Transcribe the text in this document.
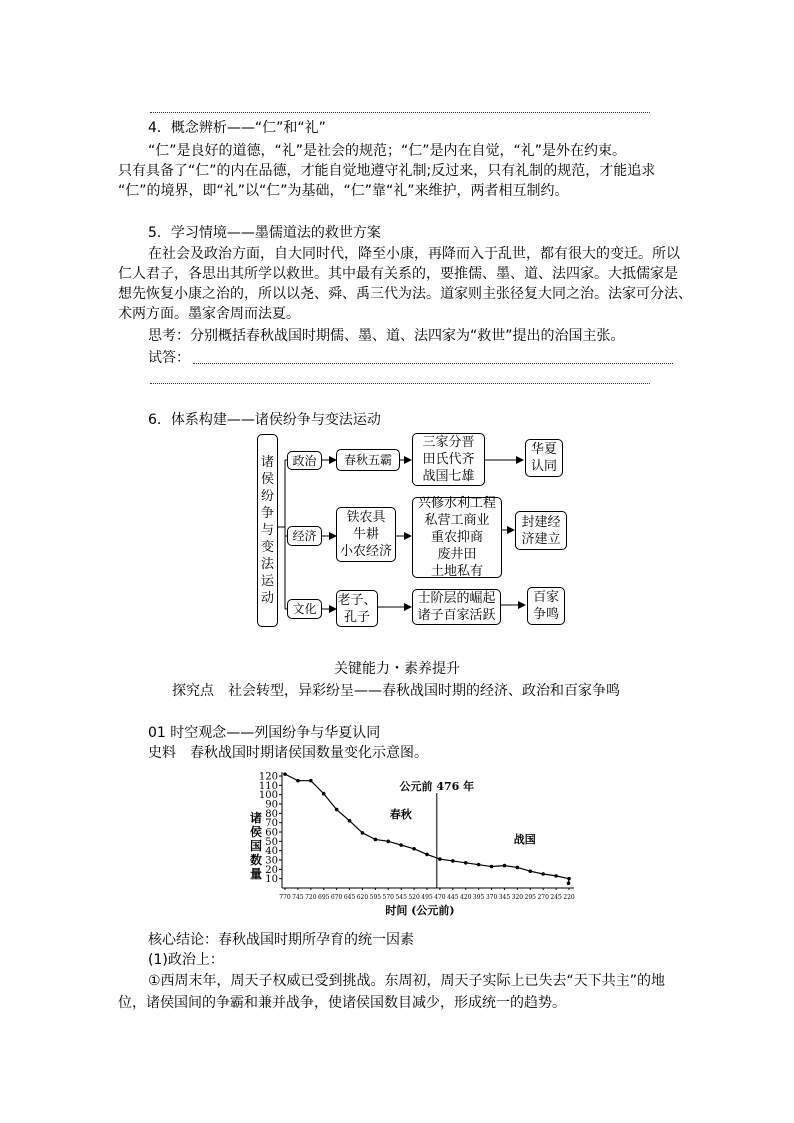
4．概念辨析——“仁”和“礼”
“仁”是良好的道德，“礼”是社会的规范；“仁”是内在自觉，“礼”是外在约束。
只有具备了“仁”的内在品德，才能自觉地遵守礼制;反过来，只有礼制的规范，才能追求
“仁”的境界，即“礼”以“仁”为基础，“仁”靠“礼”来维护，两者相互制约。
5．学习情境——墨儒道法的救世方案
在社会及政治方面，自大同时代，降至小康，再降而入于乱世，都有很大的变迁。所以
仁人君子，各思出其所学以救世。其中最有关系的，要推儒、墨、道、法四家。大抵儒家是
想先恢复小康之治的，所以以尧、舜、禹三代为法。道家则主张径复大同之治。法家可分法、
术两方面。墨家舍周而法夏。
思考：分别概括春秋战国时期儒、墨、道、法四家为“救世”提出的治国主张。
试答：
6．体系构建——诸侯纷争与变法运动
诸
侯
纷
争
与
变
法
运
动
政治 春秋五霸
三家分晋
田氏代齐
战国七雄
华夏
认同
经济
铁农具
牛耕
小农经济
兴修水利工程
私营工商业
重农抑商
废井田
土地私有
封建经
济建立
文化
老子、
孔子
士阶层的崛起
诸子百家活跃
百家
争鸣
关键能力・素养提升
探究点　社会转型，异彩纷呈——春秋战国时期的经济、政治和百家争鸣
01 时空观念——列国纷争与华夏认同
史料　春秋战国时期诸侯国数量变化示意图。
10
20
30
40
50
60
70
80
90
100
110
120
770 745 720 695 670 645 620 595 570 545 520 495 470 445 420 395 370 345 320 295 270 245 220
诸
侯
国
数
量
时间 (公元前)
公元前 476 年
春秋
战国
核心结论：春秋战国时期所孕育的统一因素
(1)政治上：
①西周末年，周天子权威已受到挑战。东周初，周天子实际上已失去“天下共主”的地
位，诸侯国间的争霸和兼并战争，使诸侯国数目减少，形成统一的趋势。
